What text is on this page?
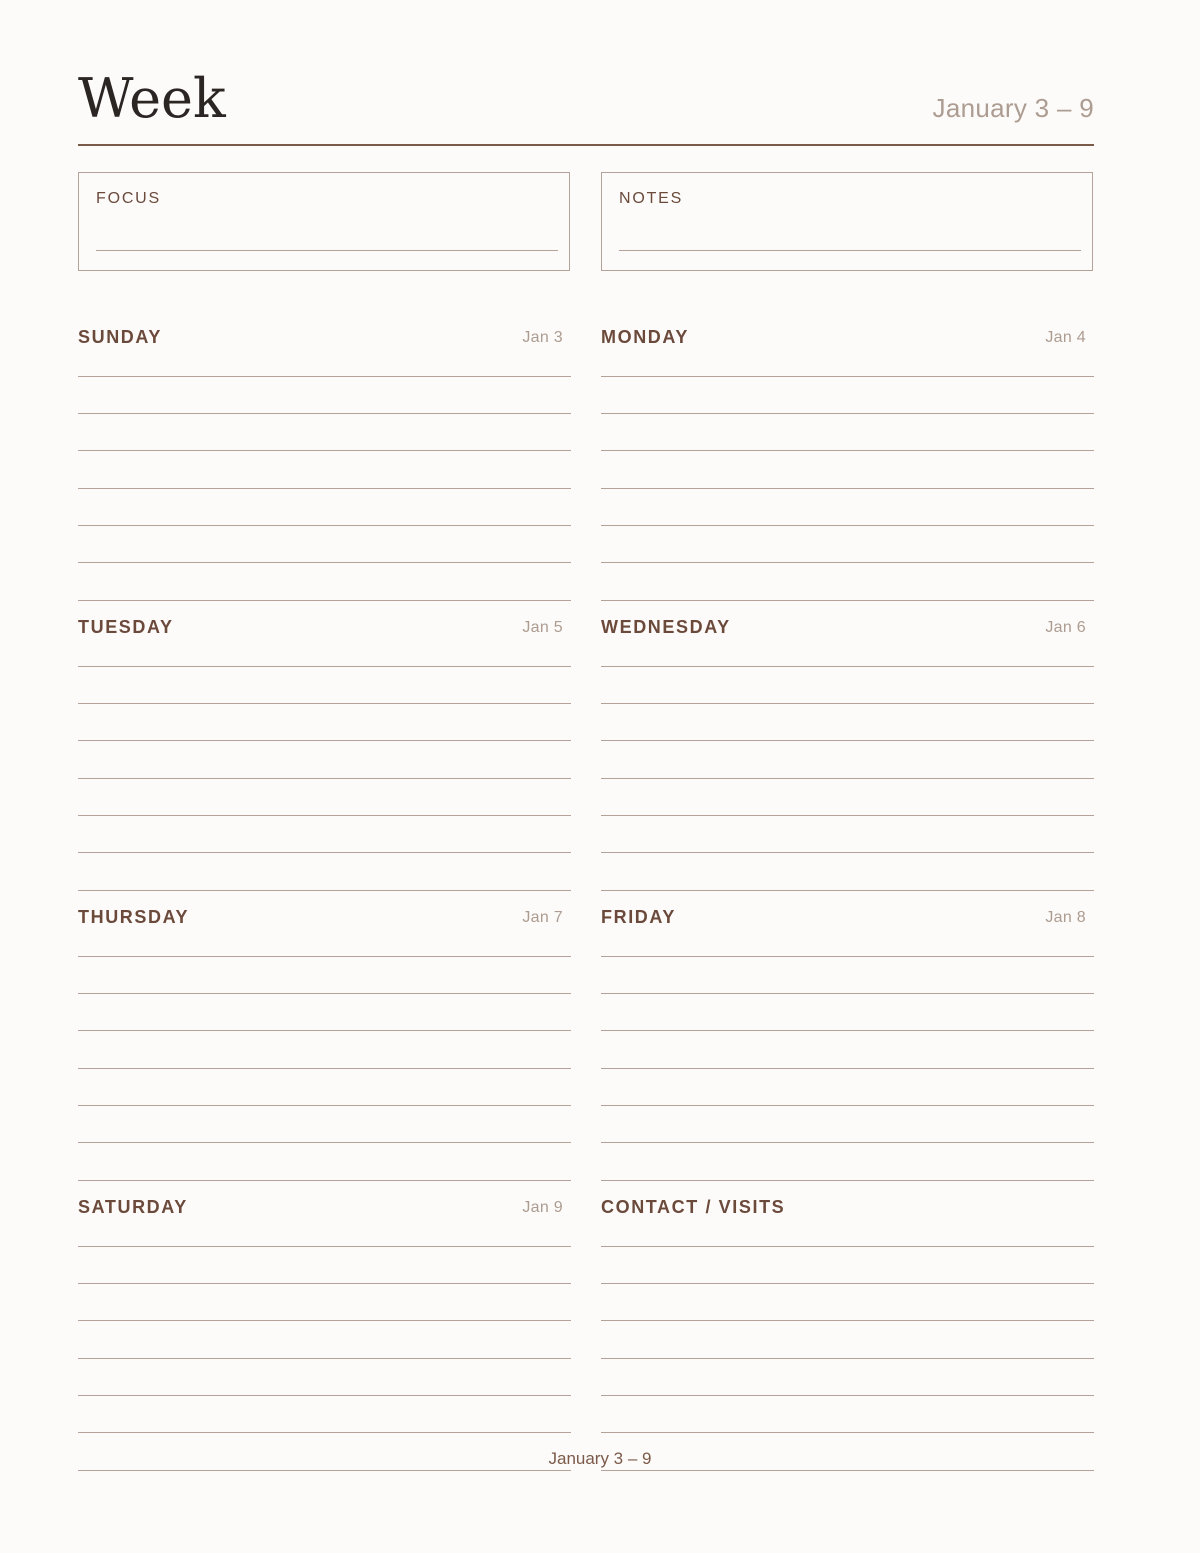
Week	January 3 – 9
FOCUS	NOTES
SUNDAY	Jan 3 MONDAY	Jan 4
TUESDAY	Jan 5 WEDNESDAY	Jan 6
THURSDAY	Jan 7 FRIDAY	Jan 8
SATURDAY	Jan 9 CONTACT / VISITS
January 3 – 9
